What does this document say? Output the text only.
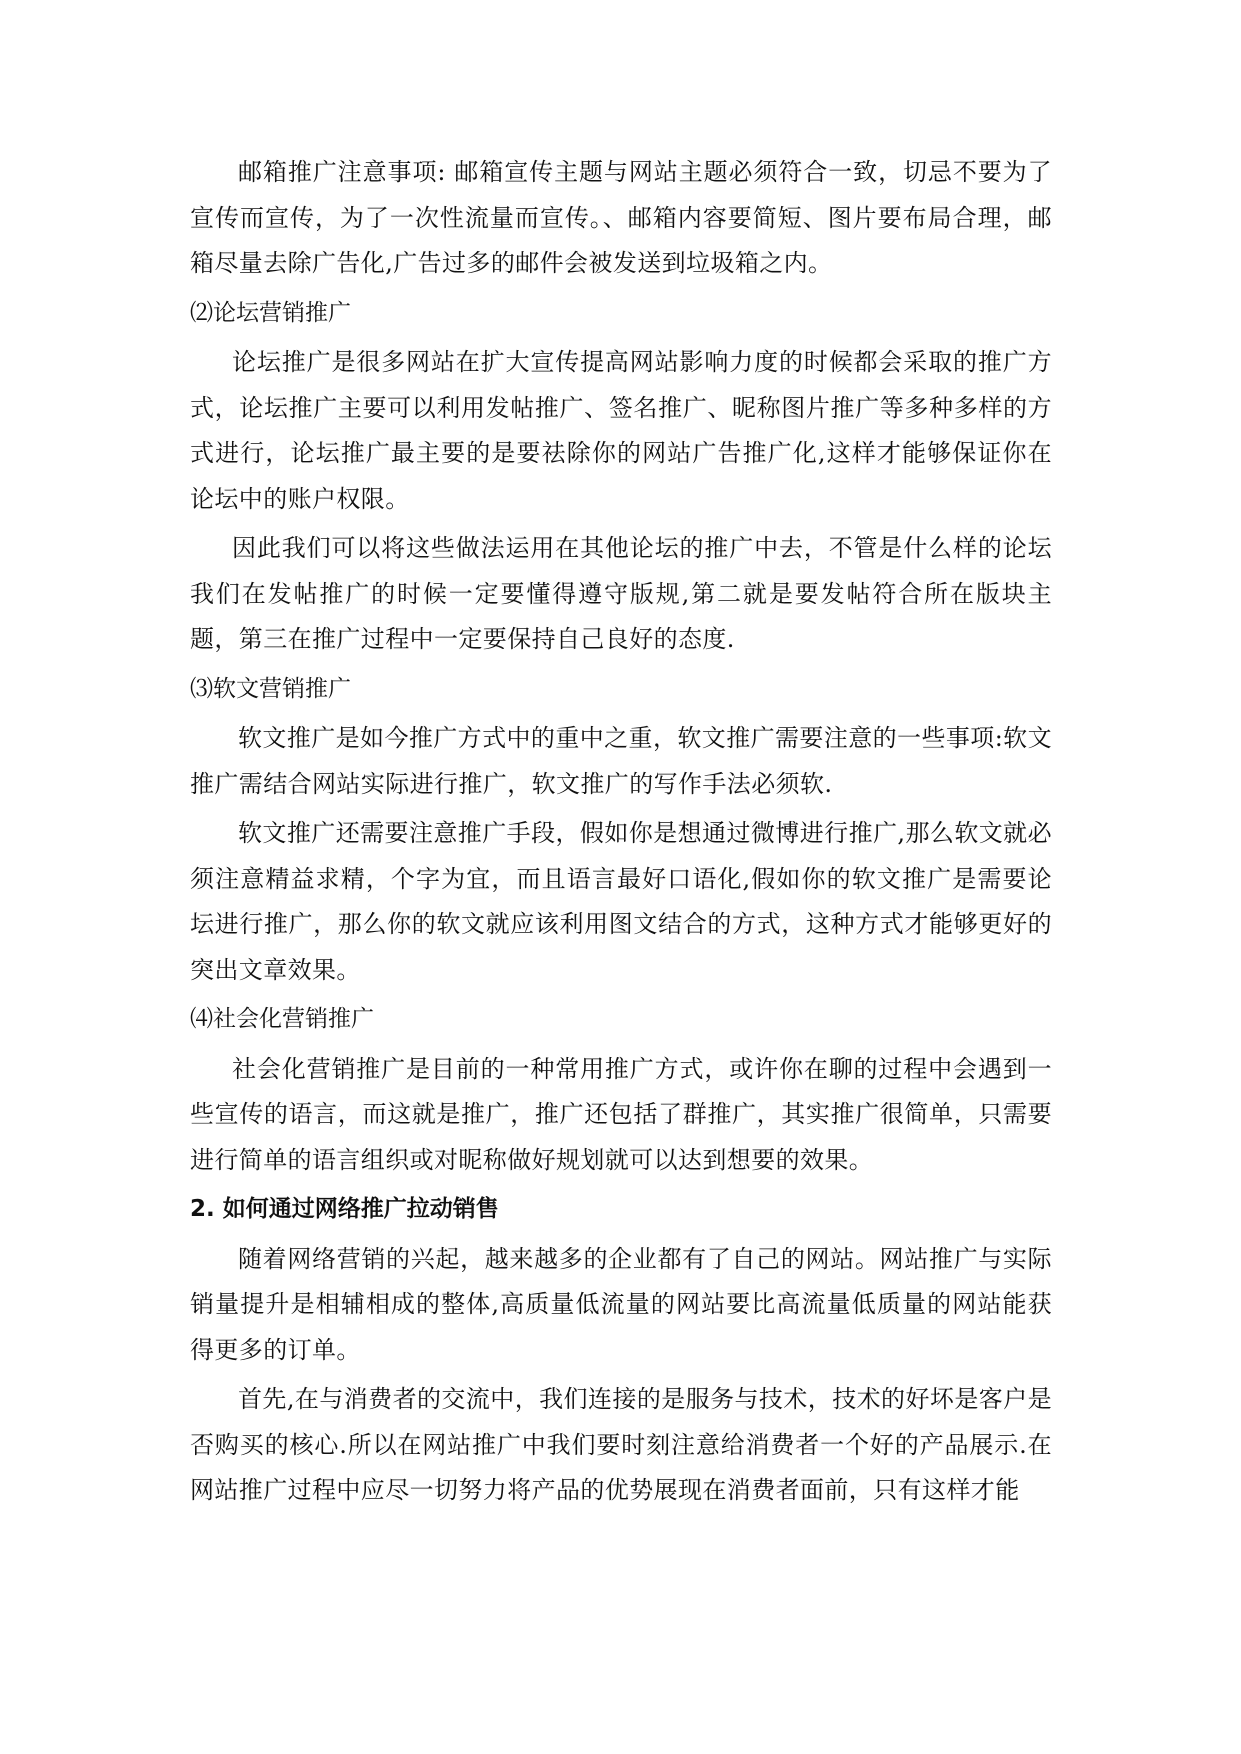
邮箱推广注意事项: 邮箱宣传主题与网站主题必须符合一致，切忌不要为了宣传而宣传，为了一次性流量而宣传。、邮箱内容要简短、图片要布局合理，邮箱尽量去除广告化,广告过多的邮件会被发送到垃圾箱之内。

⑵论坛营销推广

论坛推广是很多网站在扩大宣传提高网站影响力度的时候都会采取的推广方式，论坛推广主要可以利用发帖推广、签名推广、昵称图片推广等多种多样的方式进行，论坛推广最主要的是要祛除你的网站广告推广化,这样才能够保证你在论坛中的账户权限。

因此我们可以将这些做法运用在其他论坛的推广中去，不管是什么样的论坛我们在发帖推广的时候一定要懂得遵守版规,第二就是要发帖符合所在版块主题，第三在推广过程中一定要保持自己良好的态度.

⑶软文营销推广

软文推广是如今推广方式中的重中之重，软文推广需要注意的一些事项:软文推广需结合网站实际进行推广，软文推广的写作手法必须软.

软文推广还需要注意推广手段，假如你是想通过微博进行推广,那么软文就必须注意精益求精，个字为宜，而且语言最好口语化,假如你的软文推广是需要论坛进行推广，那么你的软文就应该利用图文结合的方式，这种方式才能够更好的突出文章效果。

⑷社会化营销推广

社会化营销推广是目前的一种常用推广方式，或许你在聊的过程中会遇到一些宣传的语言，而这就是推广，推广还包括了群推广，其实推广很简单，只需要进行简单的语言组织或对昵称做好规划就可以达到想要的效果。

2. 如何通过网络推广拉动销售

随着网络营销的兴起，越来越多的企业都有了自己的网站。网站推广与实际销量提升是相辅相成的整体,高质量低流量的网站要比高流量低质量的网站能获得更多的订单。

首先,在与消费者的交流中，我们连接的是服务与技术，技术的好坏是客户是否购买的核心.所以在网站推广中我们要时刻注意给消费者一个好的产品展示.在网站推广过程中应尽一切努力将产品的优势展现在消费者面前，只有这样才能
